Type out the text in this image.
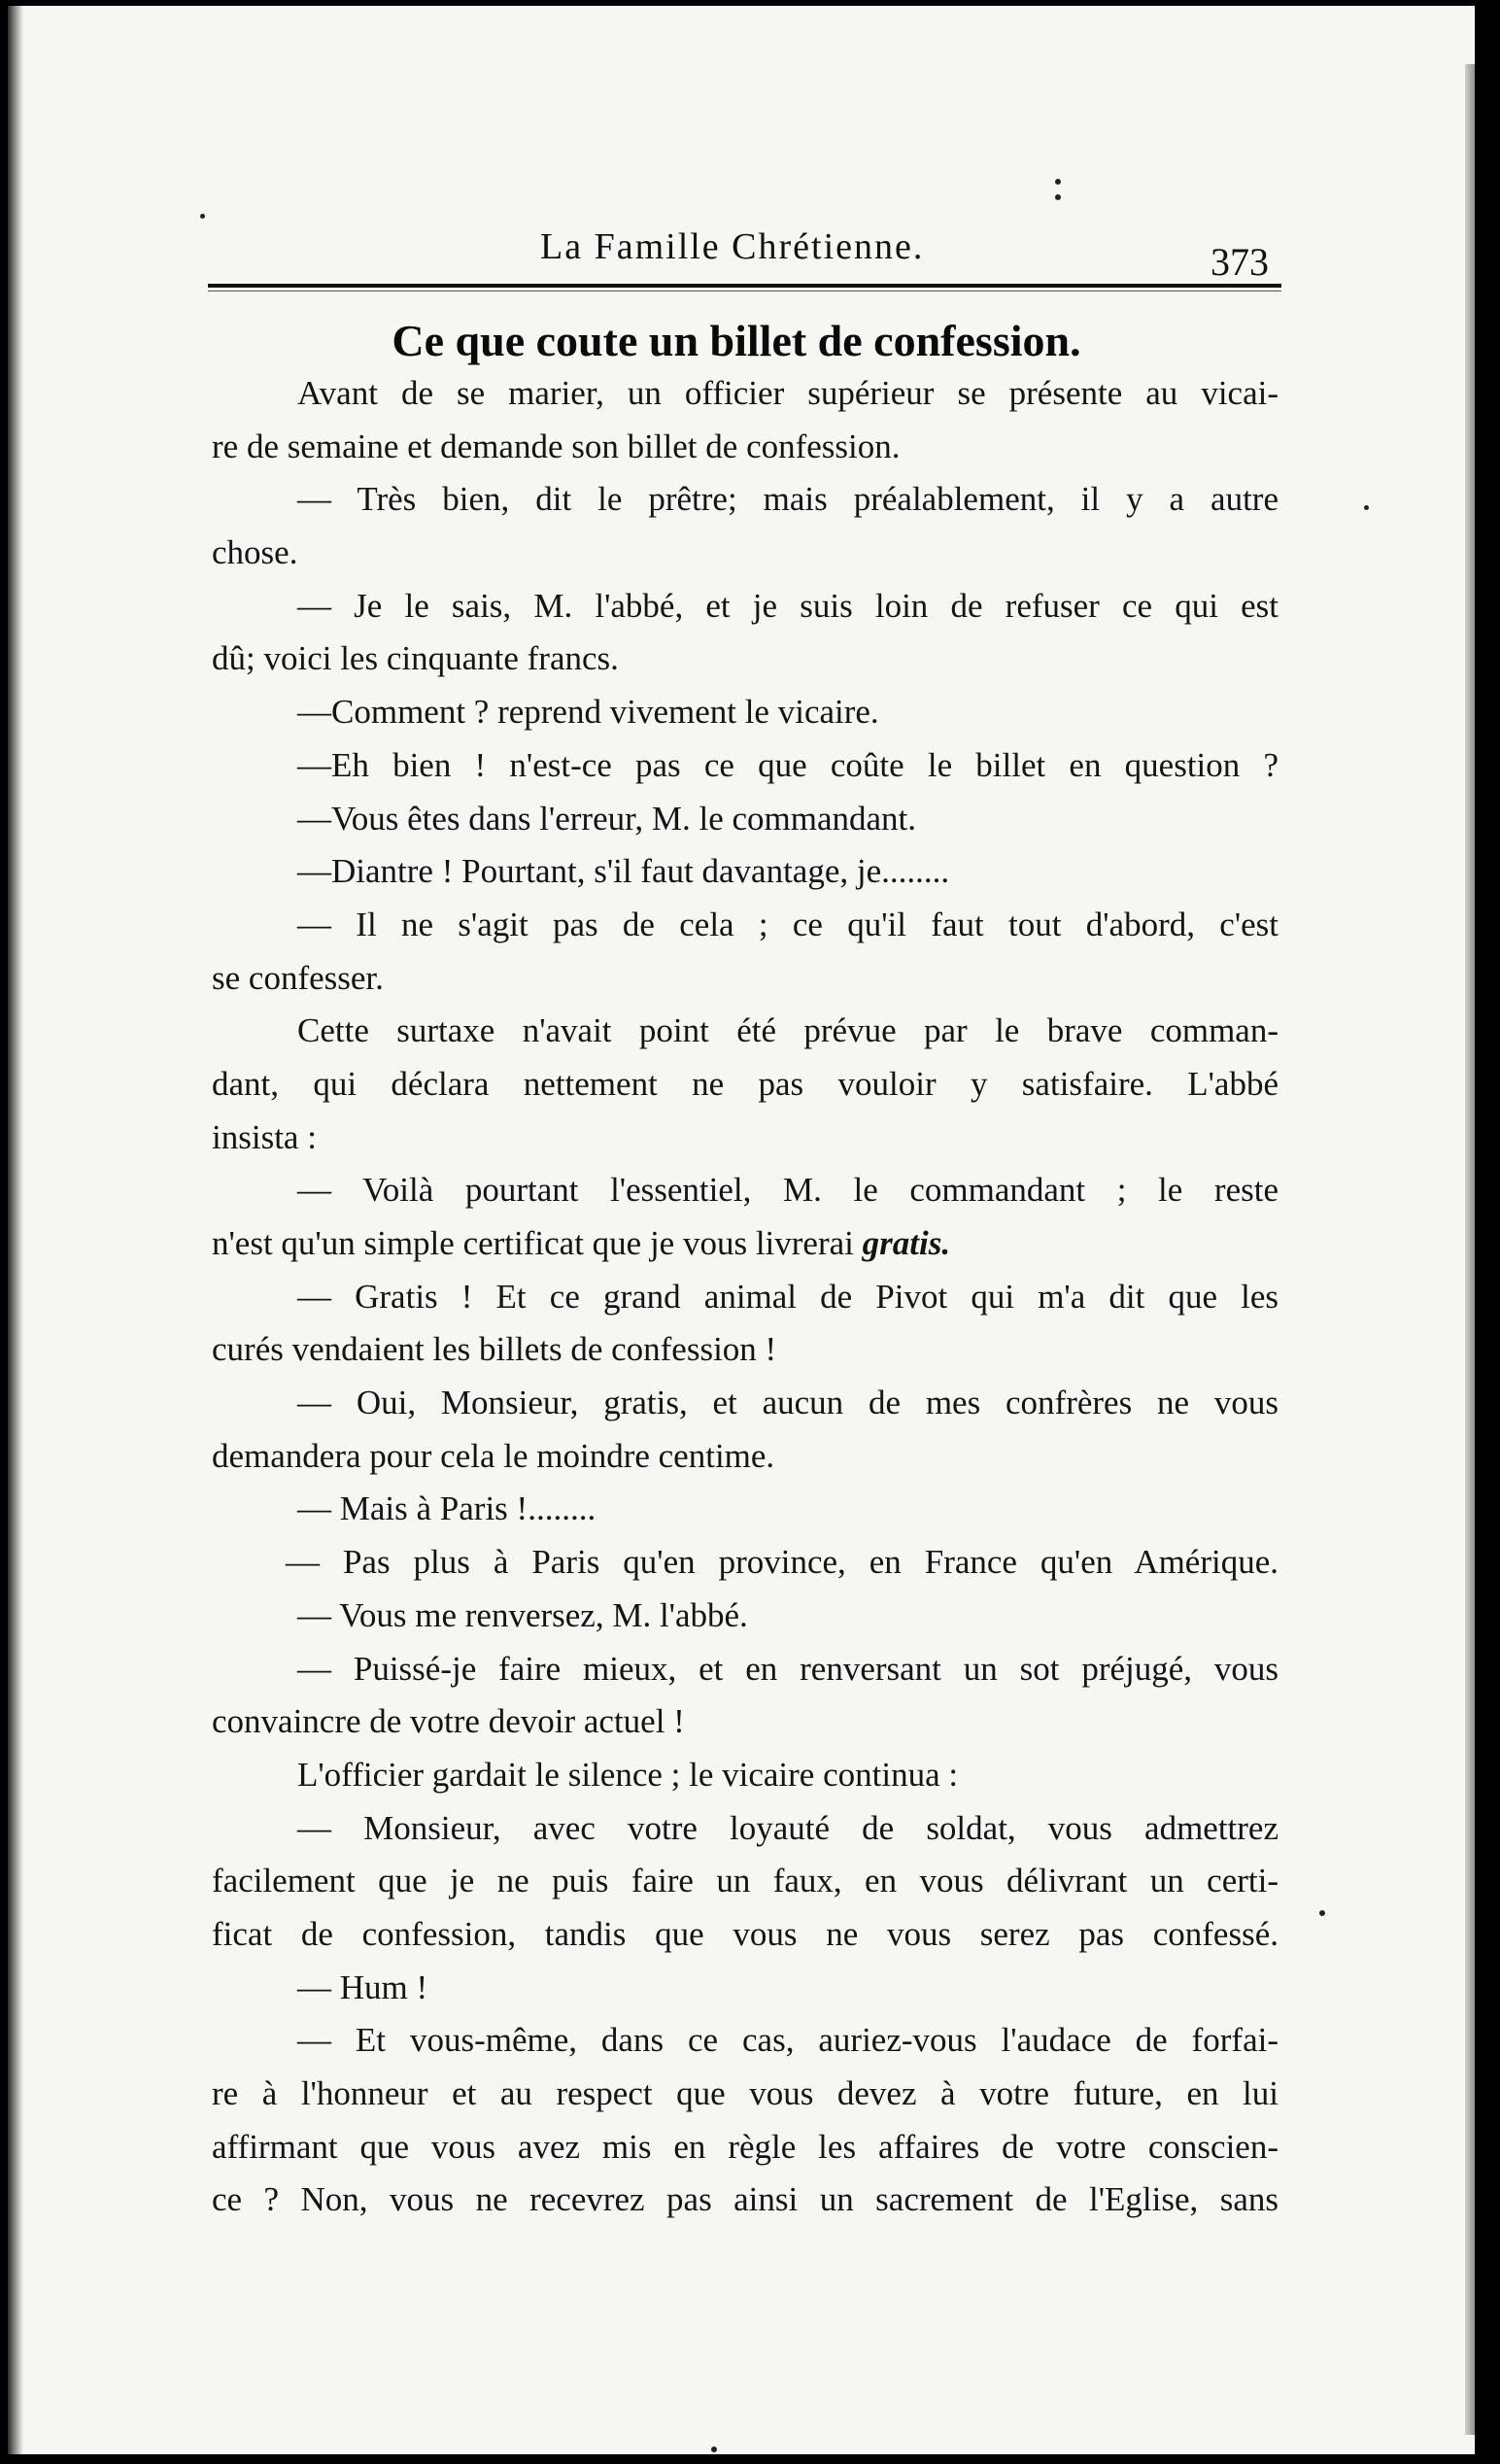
La Famille Chrétienne.	373
Ce que coute un billet de confession.
Avant de se marier, un officier supérieur se présente au vicai-
re de semaine et demande son billet de confession.
— Très bien, dit le prêtre; mais préalablement, il y a autre
chose.
— Je le sais, M. l'abbé, et je suis loin de refuser ce qui est
dû; voici les cinquante francs.
—Comment ? reprend vivement le vicaire.
—Eh bien ! n'est-ce pas ce que coûte le billet en question ?
—Vous êtes dans l'erreur, M. le commandant.
—Diantre ! Pourtant, s'il faut davantage, je........
— Il ne s'agit pas de cela ; ce qu'il faut tout d'abord, c'est
se confesser.
Cette surtaxe n'avait point été prévue par le brave comman-
dant, qui déclara nettement ne pas vouloir y satisfaire. L'abbé
insista :
— Voilà pourtant l'essentiel, M. le commandant ; le reste
n'est qu'un simple certificat que je vous livrerai gratis.
— Gratis ! Et ce grand animal de Pivot qui m'a dit que les
curés vendaient les billets de confession !
— Oui, Monsieur, gratis, et aucun de mes confrères ne vous
demandera pour cela le moindre centime.
— Mais à Paris !........
— Pas plus à Paris qu'en province, en France qu'en Amérique.
— Vous me renversez, M. l'abbé.
— Puissé-je faire mieux, et en renversant un sot préjugé, vous
convaincre de votre devoir actuel !
L'officier gardait le silence ; le vicaire continua :
— Monsieur, avec votre loyauté de soldat, vous admettrez
facilement que je ne puis faire un faux, en vous délivrant un certi-
ficat de confession, tandis que vous ne vous serez pas confessé.
— Hum !
— Et vous-même, dans ce cas, auriez-vous l'audace de forfai-
re à l'honneur et au respect que vous devez à votre future, en lui
affirmant que vous avez mis en règle les affaires de votre conscien-
ce ? Non, vous ne recevrez pas ainsi un sacrement de l'Eglise, sans
